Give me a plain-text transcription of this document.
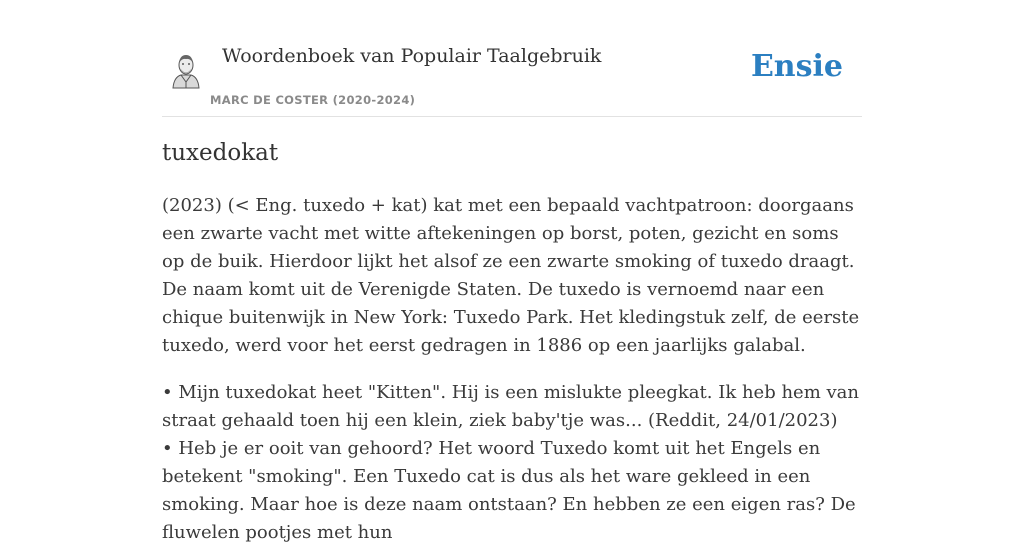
Woordenboek van Populair Taalgebruik
MARC DE COSTER (2020-2024)
Ensie
tuxedokat

(2023) (< Eng. tuxedo + kat) kat met een bepaald vachtpatroon: doorgaans een zwarte vacht met witte aftekeningen op borst, poten, gezicht en soms op de buik. Hierdoor lijkt het alsof ze een zwarte smoking of tuxedo draagt. De naam komt uit de Verenigde Staten. De tuxedo is vernoemd naar een chique buitenwijk in New York: Tuxedo Park. Het kledingstuk zelf, de eerste tuxedo, werd voor het eerst gedragen in 1886 op een jaarlijks galabal.

• Mijn tuxedokat heet "Kitten". Hij is een mislukte pleegkat. Ik heb hem van straat gehaald toen hij een klein, ziek baby'tje was... (Reddit, 24/01/2023)

• Heb je er ooit van gehoord? Het woord Tuxedo komt uit het Engels en betekent "smoking". Een Tuxedo cat is dus als het ware gekleed in een smoking. Maar hoe is deze naam ontstaan? En hebben ze een eigen ras? De fluwelen pootjes met hun
